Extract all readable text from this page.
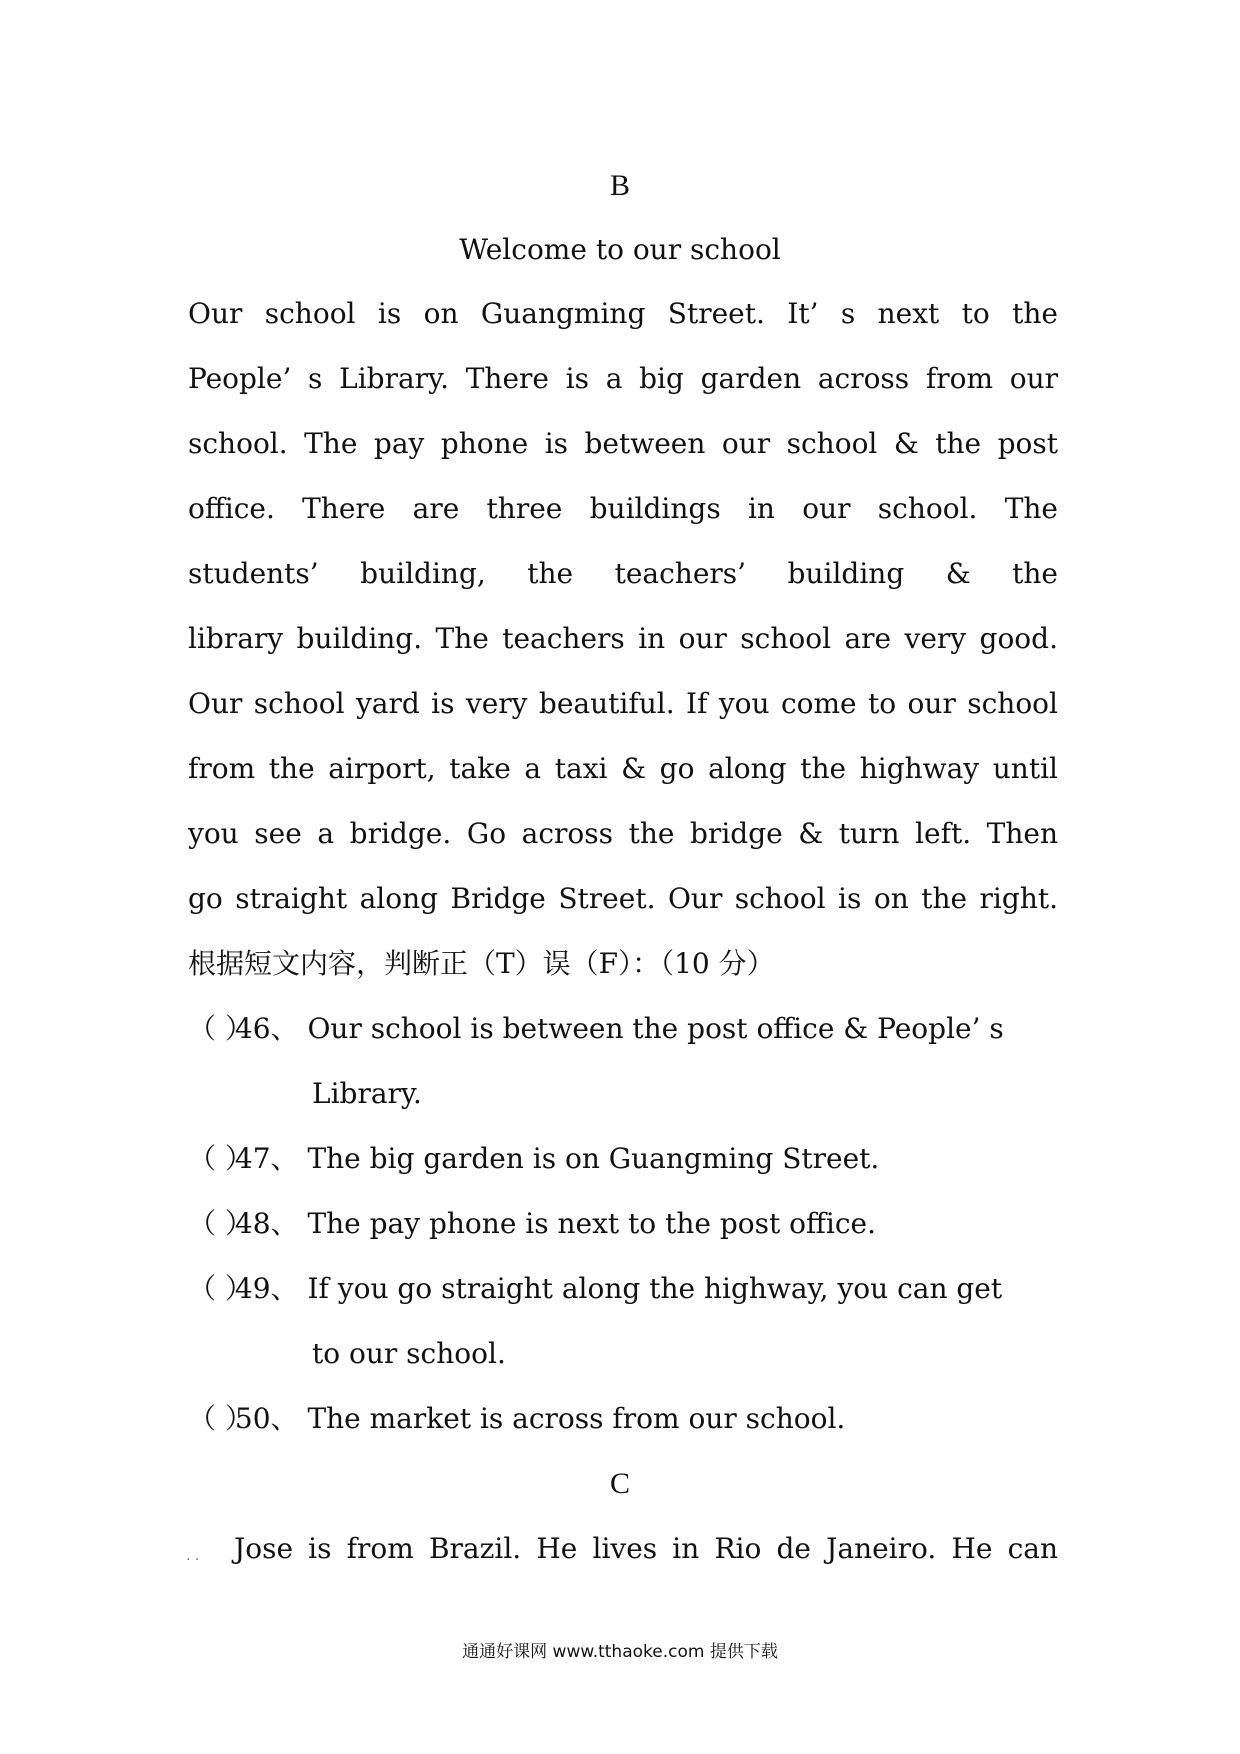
B
Welcome to our school
Our school is on Guangming Street. It’ s next to the
People’ s Library. There is a big garden across from our
school. The pay phone is between our school & the post
office. There are three buildings in our school. The
students’ building, the teachers’ building & the
library building. The teachers in our school are very good.
Our school yard is very beautiful. If you come to our school
from the airport, take a taxi & go along the highway until
you see a bridge. Go across the bridge & turn left. Then
go straight along Bridge Street. Our school is on the right.
根据短文内容，判断正（T）误（F）：（10 分）
（ ） 46、 Our school is between the post office & People’ s
Library.
（ ） 47、 The big garden is on Guangming Street.
（ ） 48、 The pay phone is next to the post office.
（ ） 49、 If you go straight along the highway, you can get
to our school.
（ ） 50、 The market is across from our school.
C
. . Jose is from Brazil. He lives in Rio de Janeiro. He can
通通好课网 www.tthaoke.com 提供下载
